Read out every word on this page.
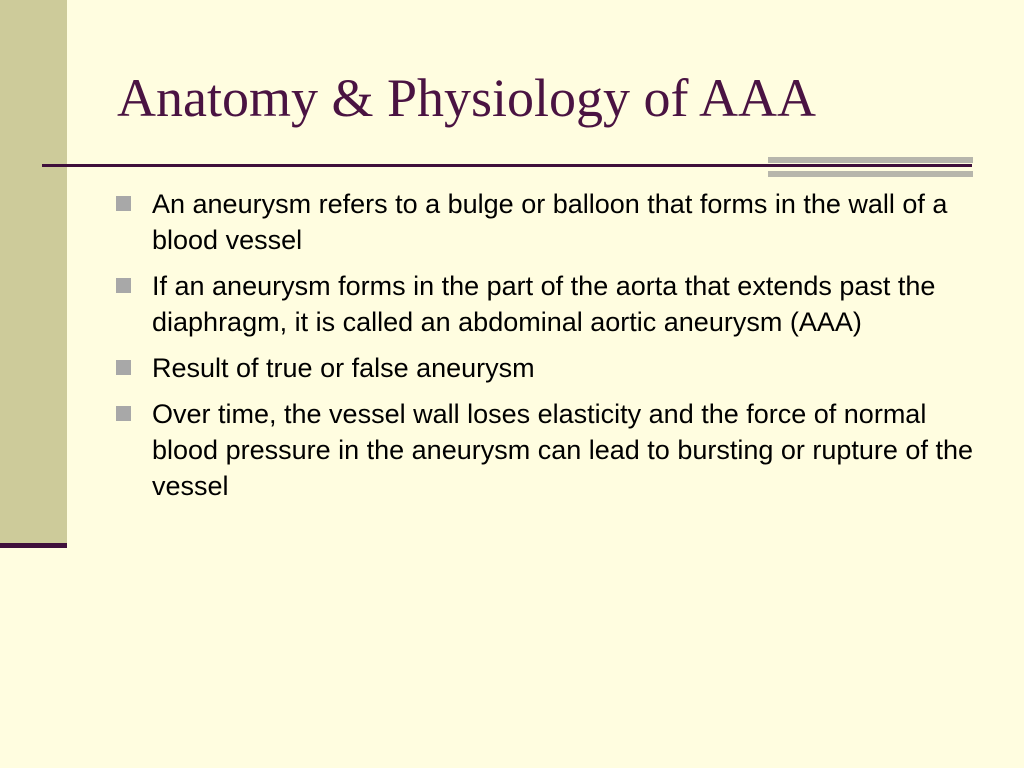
Anatomy & Physiology of AAA
An aneurysm refers to a bulge or balloon that forms in the wall of a blood vessel
If an aneurysm forms in the part of the aorta that extends past the diaphragm, it is called an abdominal aortic aneurysm (AAA)
Result of true or false aneurysm
Over time, the vessel wall loses elasticity and the force of normal blood pressure in the aneurysm can lead to bursting or rupture of the vessel
